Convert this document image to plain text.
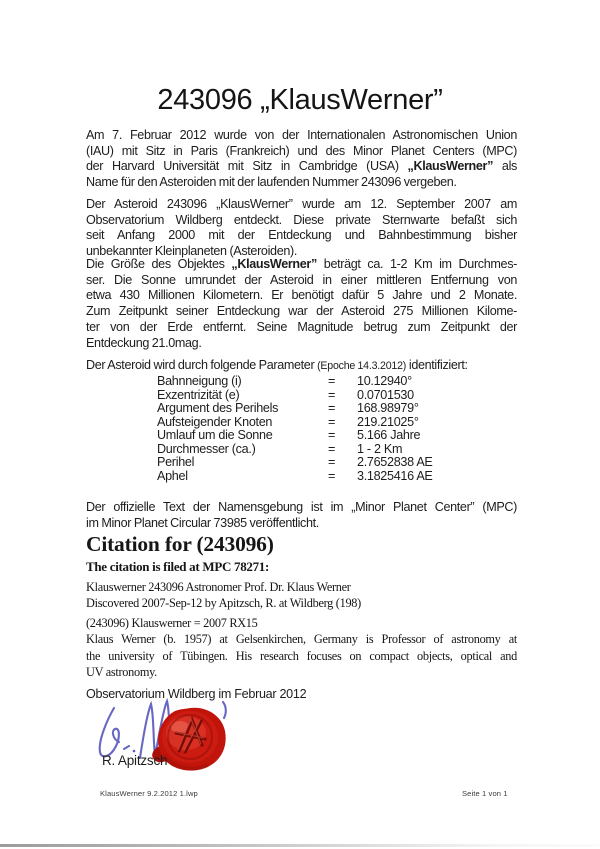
243096 „KlausWerner”
Am 7. Februar 2012 wurde von der Internationalen Astronomischen Union
(IAU) mit Sitz in Paris (Frankreich) und des Minor Planet Centers (MPC)
der Harvard Universität mit Sitz in Cambridge (USA) „KlausWerner” als
Name für den Asteroiden mit der laufenden Nummer 243096 vergeben.
Der Asteroid 243096 „KlausWerner” wurde am 12. September 2007 am
Observatorium Wildberg entdeckt. Diese private Sternwarte befaßt sich
seit Anfang 2000 mit der Entdeckung und Bahnbestimmung bisher
unbekannter Kleinplaneten (Asteroiden).
Die Größe des Objektes „KlausWerner” beträgt ca. 1-2 Km im Durchmes-
ser. Die Sonne umrundet der Asteroid in einer mittleren Entfernung von
etwa 430 Millionen Kilometern. Er benötigt dafür 5 Jahre und 2 Monate.
Zum Zeitpunkt seiner Entdeckung war der Asteroid 275 Millionen Kilome-
ter von der Erde entfernt. Seine Magnitude betrug zum Zeitpunkt der
Entdeckung 21.0mag.
Der Asteroid wird durch folgende Parameter (Epoche 14.3.2012) identifiziert:
Bahnneigung (i)	=	10.12940°
Exzentrizität (e)	=	0.0701530
Argument des Perihels	=	168.98979°
Aufsteigender Knoten	=	219.21025°
Umlauf um die Sonne	=	5.166 Jahre
Durchmesser (ca.)	=	1 - 2 Km
Perihel	=	2.7652838 AE
Aphel	=	3.1825416 AE
Der offizielle Text der Namensgebung ist im „Minor Planet Center” (MPC)
im Minor Planet Circular 73985 veröffentlicht.
Citation for (243096)
The citation is filed at MPC 78271:
Klauswerner 243096 Astronomer Prof. Dr. Klaus Werner
Discovered 2007-Sep-12 by Apitzsch, R. at Wildberg (198)
(243096) Klauswerner = 2007 RX15
Klaus Werner (b. 1957) at Gelsenkirchen, Germany is Professor of astronomy at
the university of Tübingen. His research focuses on compact objects, optical and
UV astronomy.
Observatorium Wildberg im Februar 2012
R. Apitzsch
KlausWerner 9.2.2012 1.lwp	Seite 1 von 1
